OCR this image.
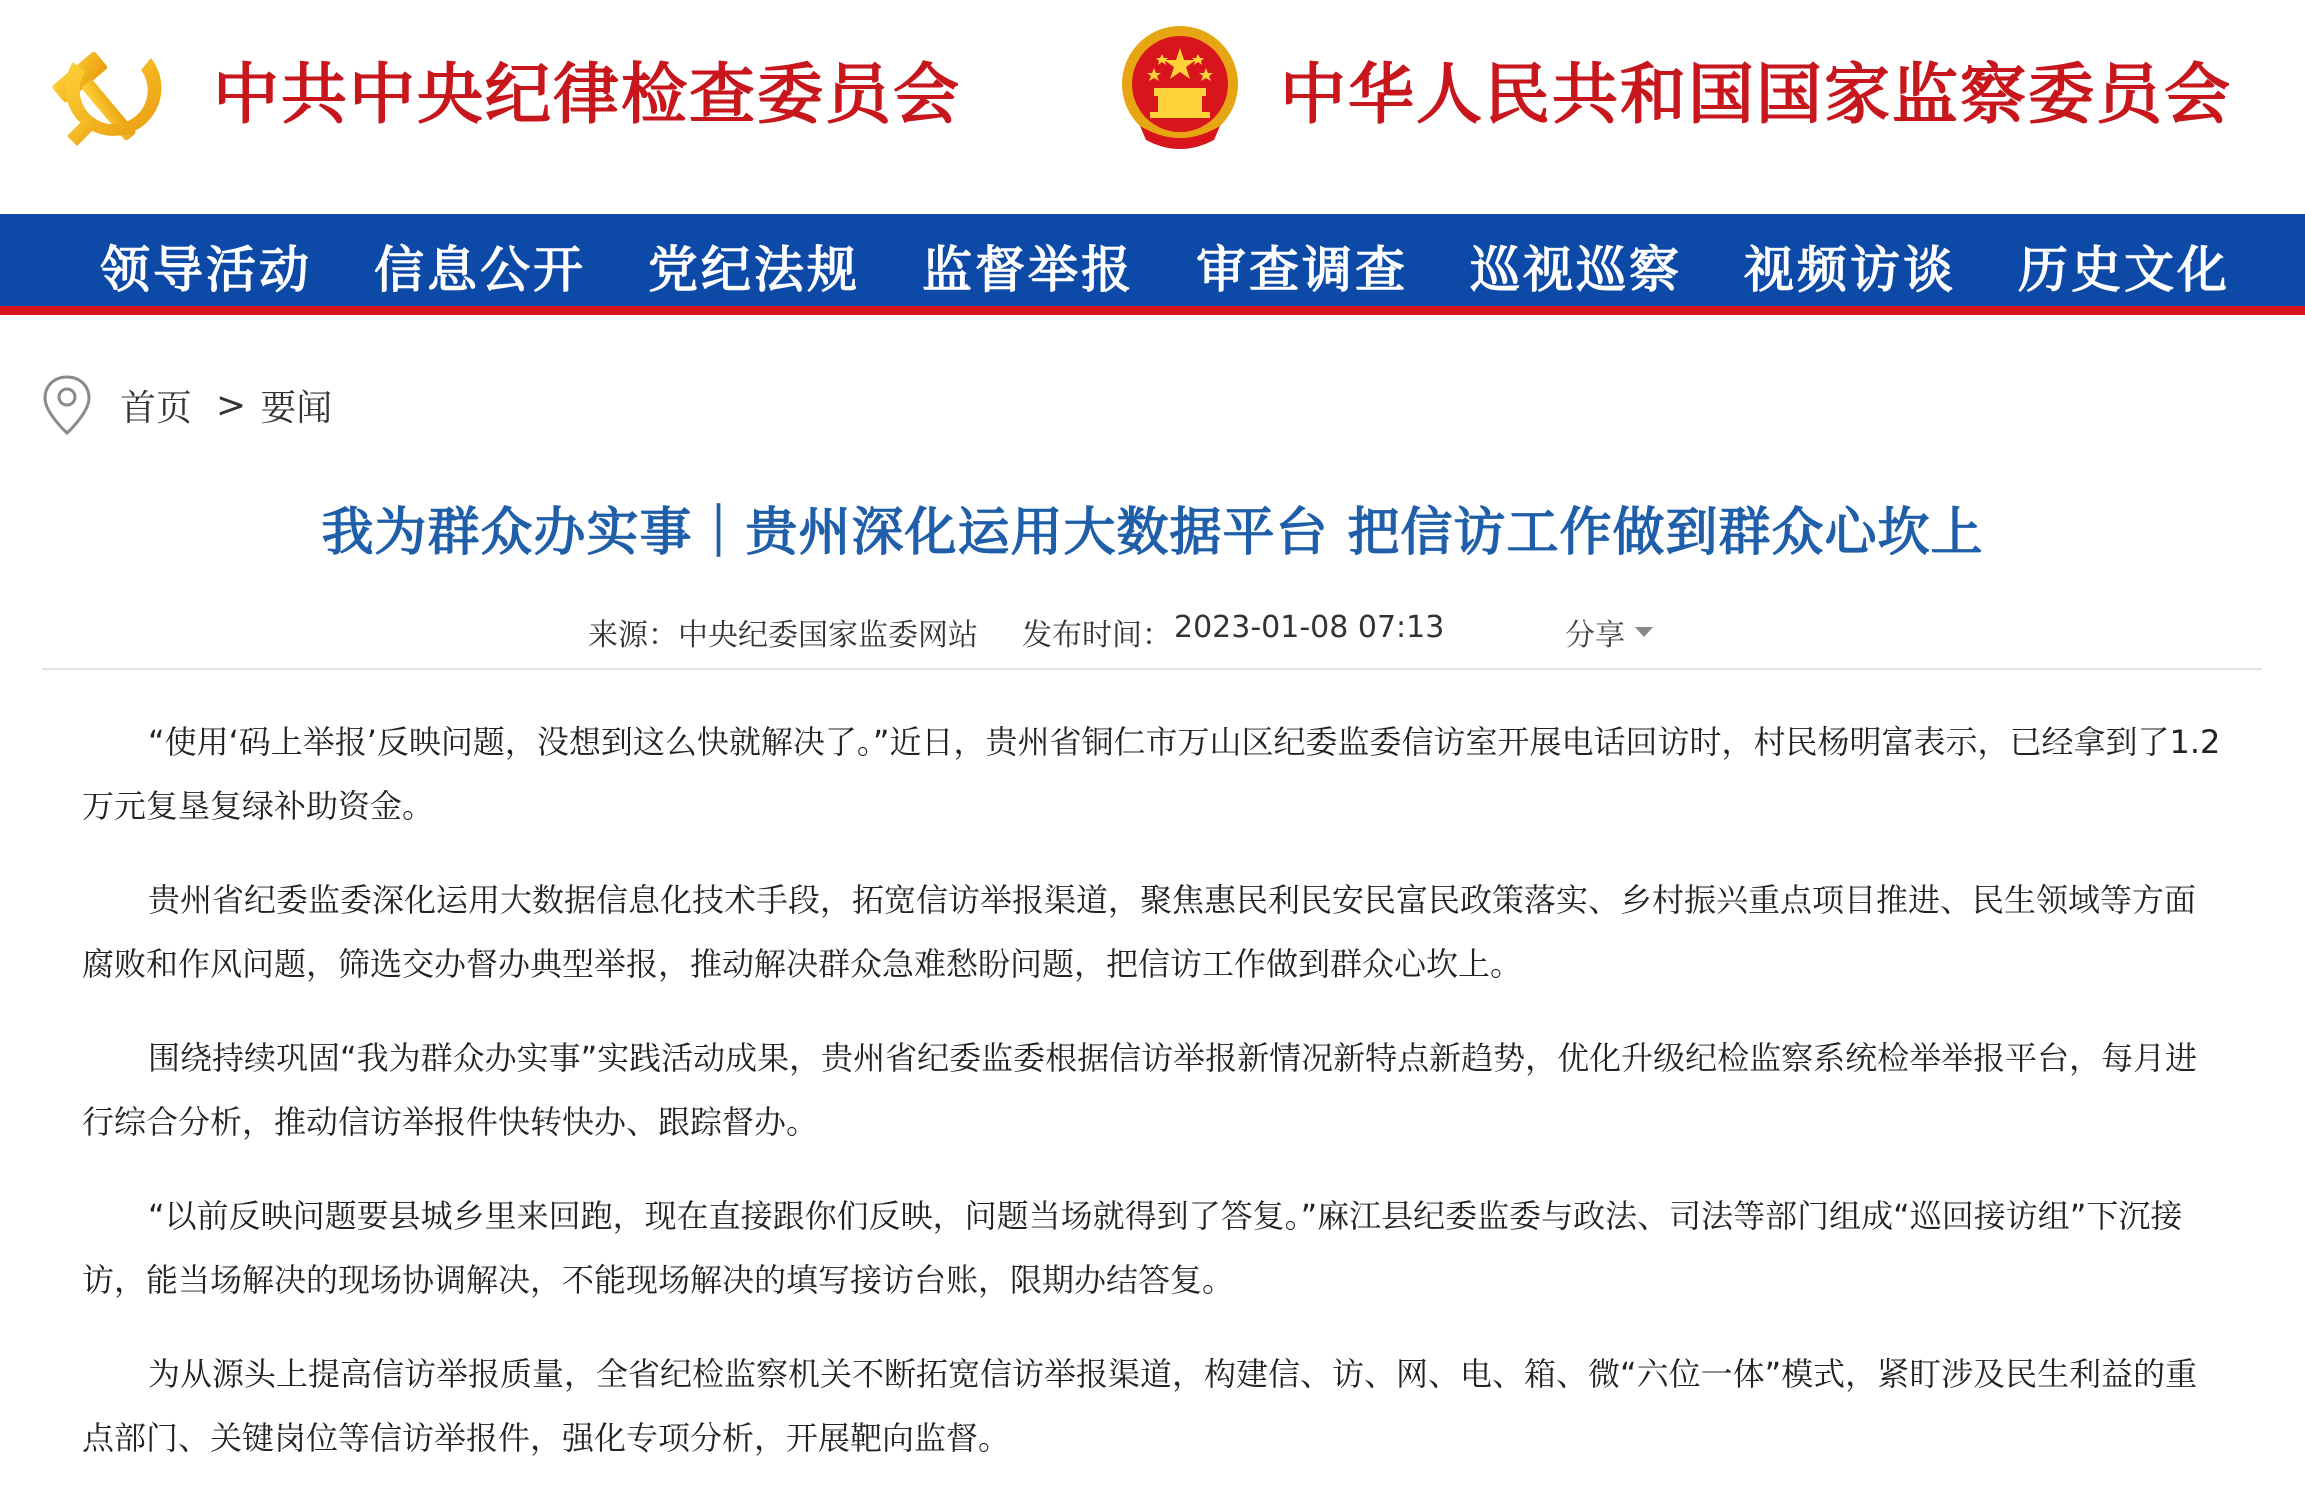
中共中央纪律检查委员会	中华人民共和国国家监察委员会
领导活动 信息公开 党纪法规 监督举报 审查调查 巡视巡察 视频访谈 历史文化
首页 > 要闻
我为群众办实事｜贵州深化运用大数据平台 把信访工作做到群众心坎上
来源：中央纪委国家监委网站 发布时间： 2023-01-08 07:13	分享

“使用‘码上举报’反映问题，没想到这么快就解决了。”近日，贵州省铜仁市万山区纪委监委信访室开展电话回访时，村民杨明富表示，已经拿到了1.2万元复垦复绿补助资金。

贵州省纪委监委深化运用大数据信息化技术手段，拓宽信访举报渠道，聚焦惠民利民安民富民政策落实、乡村振兴重点项目推进、民生领域等方面腐败和作风问题，筛选交办督办典型举报，推动解决群众急难愁盼问题，把信访工作做到群众心坎上。

围绕持续巩固“我为群众办实事”实践活动成果，贵州省纪委监委根据信访举报新情况新特点新趋势，优化升级纪检监察系统检举举报平台，每月进行综合分析，推动信访举报件快转快办、跟踪督办。

“以前反映问题要县城乡里来回跑，现在直接跟你们反映，问题当场就得到了答复。”麻江县纪委监委与政法、司法等部门组成“巡回接访组”下沉接访，能当场解决的现场协调解决，不能现场解决的填写接访台账，限期办结答复。

为从源头上提高信访举报质量，全省纪检监察机关不断拓宽信访举报渠道，构建信、访、网、电、箱、微“六位一体”模式，紧盯涉及民生利益的重点部门、关键岗位等信访举报件，强化专项分析，开展靶向监督。
